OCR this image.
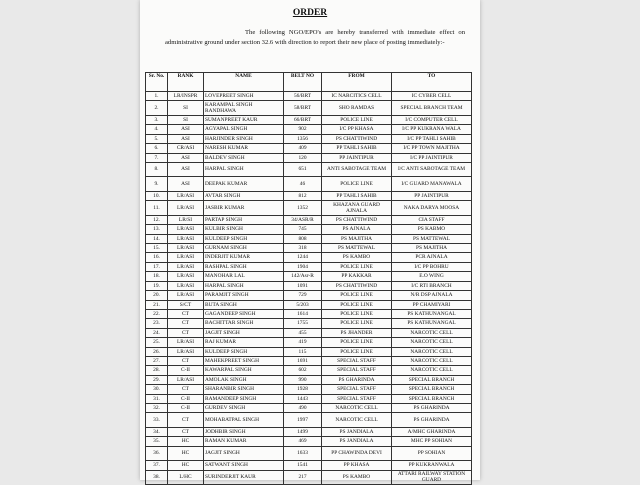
ORDER
The following NGO/EPO's are hereby transferred with immediate effect on administrative ground under section 32.6 with direction to report their new place of posting immediately:-
Sr. No.	RANK	NAME	BELT NO	FROM	TO
1.	LR/INSPR	LOVEPREET SINGH	56/BRT	IC NARCITICS CELL	IC CYBER CELL
2.	SI	KARAMPAL SINGH RANDHAWA	58/BRT	SHO RAMDAS	SPECIAL BRANCH TEAM
3.	SI	SUMANPREET KAUR	66/BRT	POLICE LINE	I/C COMPUTER CELL
4.	ASI	AGYAPAL SINGH	902	I/C PP KHASA	I/C PP KUKRANA WALA
5.	ASI	HARJINDER SINGH	1356	PS CHATTIWIND	I/C PP TAHLI SAHIB
6.	CR/ASI	NARESH KUMAR	409	PP TAHLI SAHIB	I/C PP TOWN MAJITHA
7.	ASI	BALDEV SINGH	120	PP JAINTIPUR	I/C PP JAINTIPUR
8.	ASI	HARPAL SINGH	651	ANTI SABOTAGE TEAM	I/C ANTI SABOTAGE TEAM
9.	ASI	DEEPAK KUMAR	46	POLICE LINE	I/C GUARD MANAWALA
10.	LR/ASI	AVTAR SINGH	812	PP TAHLI SAHIB	PP JAINTIPUR
11.	LR/ASI	JASBIR KUMAR	1352	KHAZANA GUARD AJNALA	NAKA DARYA MOOSA
12.	LR/SI	PARTAP SINGH	34/ASR/R	PS CHATTIWIND	CIA STAFF
13.	LR/ASI	KULBIR SINGH	745	PS AJNALA	PS KABMO
14.	LR/ASI	KULDEEP SINGH	808	PS MAJITHA	PS MATTEWAL
15.	LR/ASI	GURNAM SINGH	318	PS MATTEWAL	PS MAJITHA
16.	LR/ASI	INDERJIT KUMAR	1244	PS KAMBO	PCR AJNALA
17.	LR/ASI	RASHPAL SINGH	1904	POLICE LINE	I/C PP BOHRU
18.	LR/ASI	MANOHAR LAL	142/Asr-R	PP KAKKAR	E.O WING
19.	LR/ASI	HARPAL SINGH	1091	PS CHATTIWIND	I/C RTI BRANCH
20.	LR/ASI	PARAMJIT SINGH	729	POLICE LINE	N/R DSP AJNALA
21.	S/CT	BUTA SINGH	5/203	POLICE LINE	PP CHAMIYARI
22.	CT	GAGANDEEP SINGH	1614	POLICE LINE	PS KATHUNANGAL
23.	CT	BACHITTAR SINGH	1755	POLICE LINE	PS KATHUNANGAL
24.	CT	JAGJIT SINGH	455	PS JHANDER	NARCOTIC CELL
25.	LR/ASI	RAJ KUMAR	419	POLICE LINE	NARCOTIC CELL
26.	LR/ASI	KULDEEP SINGH	115	POLICE LINE	NARCOTIC CELL
27.	CT	MAHEKPREET SINGH	1691	SPECIAL STAFF	NARCOTIC CELL
28.	C-II	KAWARPAL SINGH	602	SPECIAL STAFF	NARCOTIC CELL
29.	LR/ASI	AMOLAK SINGH	990	PS GHARINDA	SPECIAL BRANCH
30.	CT	SHARANBIR SINGH	1928	SPECIAL STAFF	SPECIAL BRANCH
31.	C-II	RAMANDEEP SINGH	1443	SPECIAL STAFF	SPECIAL BRANCH
32.	C-II	GURDEV SINGH	490	NARCOTIC CELL	PS GHARINDA
33.	CT	MOHABATPAL SINGH	1997	NARCOTIC CELL	PS GHARINDA
34.	CT	JODHBIR SINGH	1499	PS JANDIALA	A/MHC GHARINDA
35.	HC	RAMAN KUMAR	469	PS JANDIALA	MHC PP SOHIAN
36.	HC	JAGJIT SINGH	1633	PP CHAWINDA DEVI	PP SOHIAN
37.	HC	SATWANT SINGH	1541	PP KHASA	PP KUKRANWALA
38.	L/HC	SURINDERJIT KAUR	217	PS KAMBO	ATTARI RAILWAY STATION GUARD
